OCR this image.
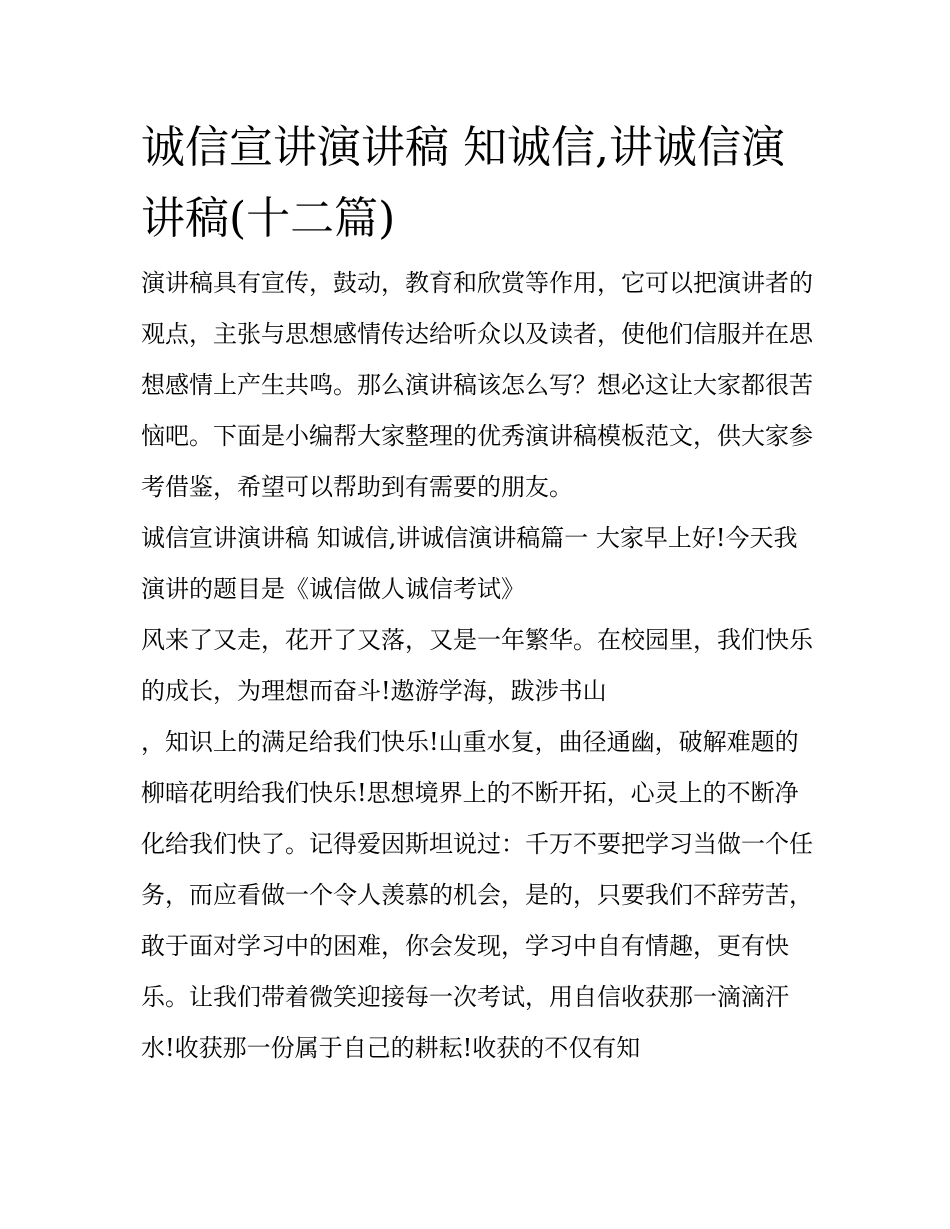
诚信宣讲演讲稿 知诚信,讲诚信演讲稿(十二篇)

演讲稿具有宣传，鼓动，教育和欣赏等作用，它可以把演讲者的观点，主张与思想感情传达给听众以及读者，使他们信服并在思想感情上产生共鸣。那么演讲稿该怎么写？想必这让大家都很苦恼吧。下面是小编帮大家整理的优秀演讲稿模板范文，供大家参考借鉴，希望可以帮助到有需要的朋友。

诚信宣讲演讲稿 知诚信,讲诚信演讲稿篇一 大家早上好!今天我演讲的题目是《诚信做人诚信考试》

风来了又走，花开了又落，又是一年繁华。在校园里，我们快乐的成长，为理想而奋斗!遨游学海，跋涉书山

，知识上的满足给我们快乐!山重水复，曲径通幽，破解难题的柳暗花明给我们快乐!思想境界上的不断开拓，心灵上的不断净化给我们快了。记得爱因斯坦说过：千万不要把学习当做一个任务，而应看做一个令人羡慕的机会，是的，只要我们不辞劳苦，敢于面对学习中的困难，你会发现，学习中自有情趣，更有快乐。让我们带着微笑迎接每一次考试，用自信收获那一滴滴汗水!收获那一份属于自己的耕耘!收获的不仅有知
